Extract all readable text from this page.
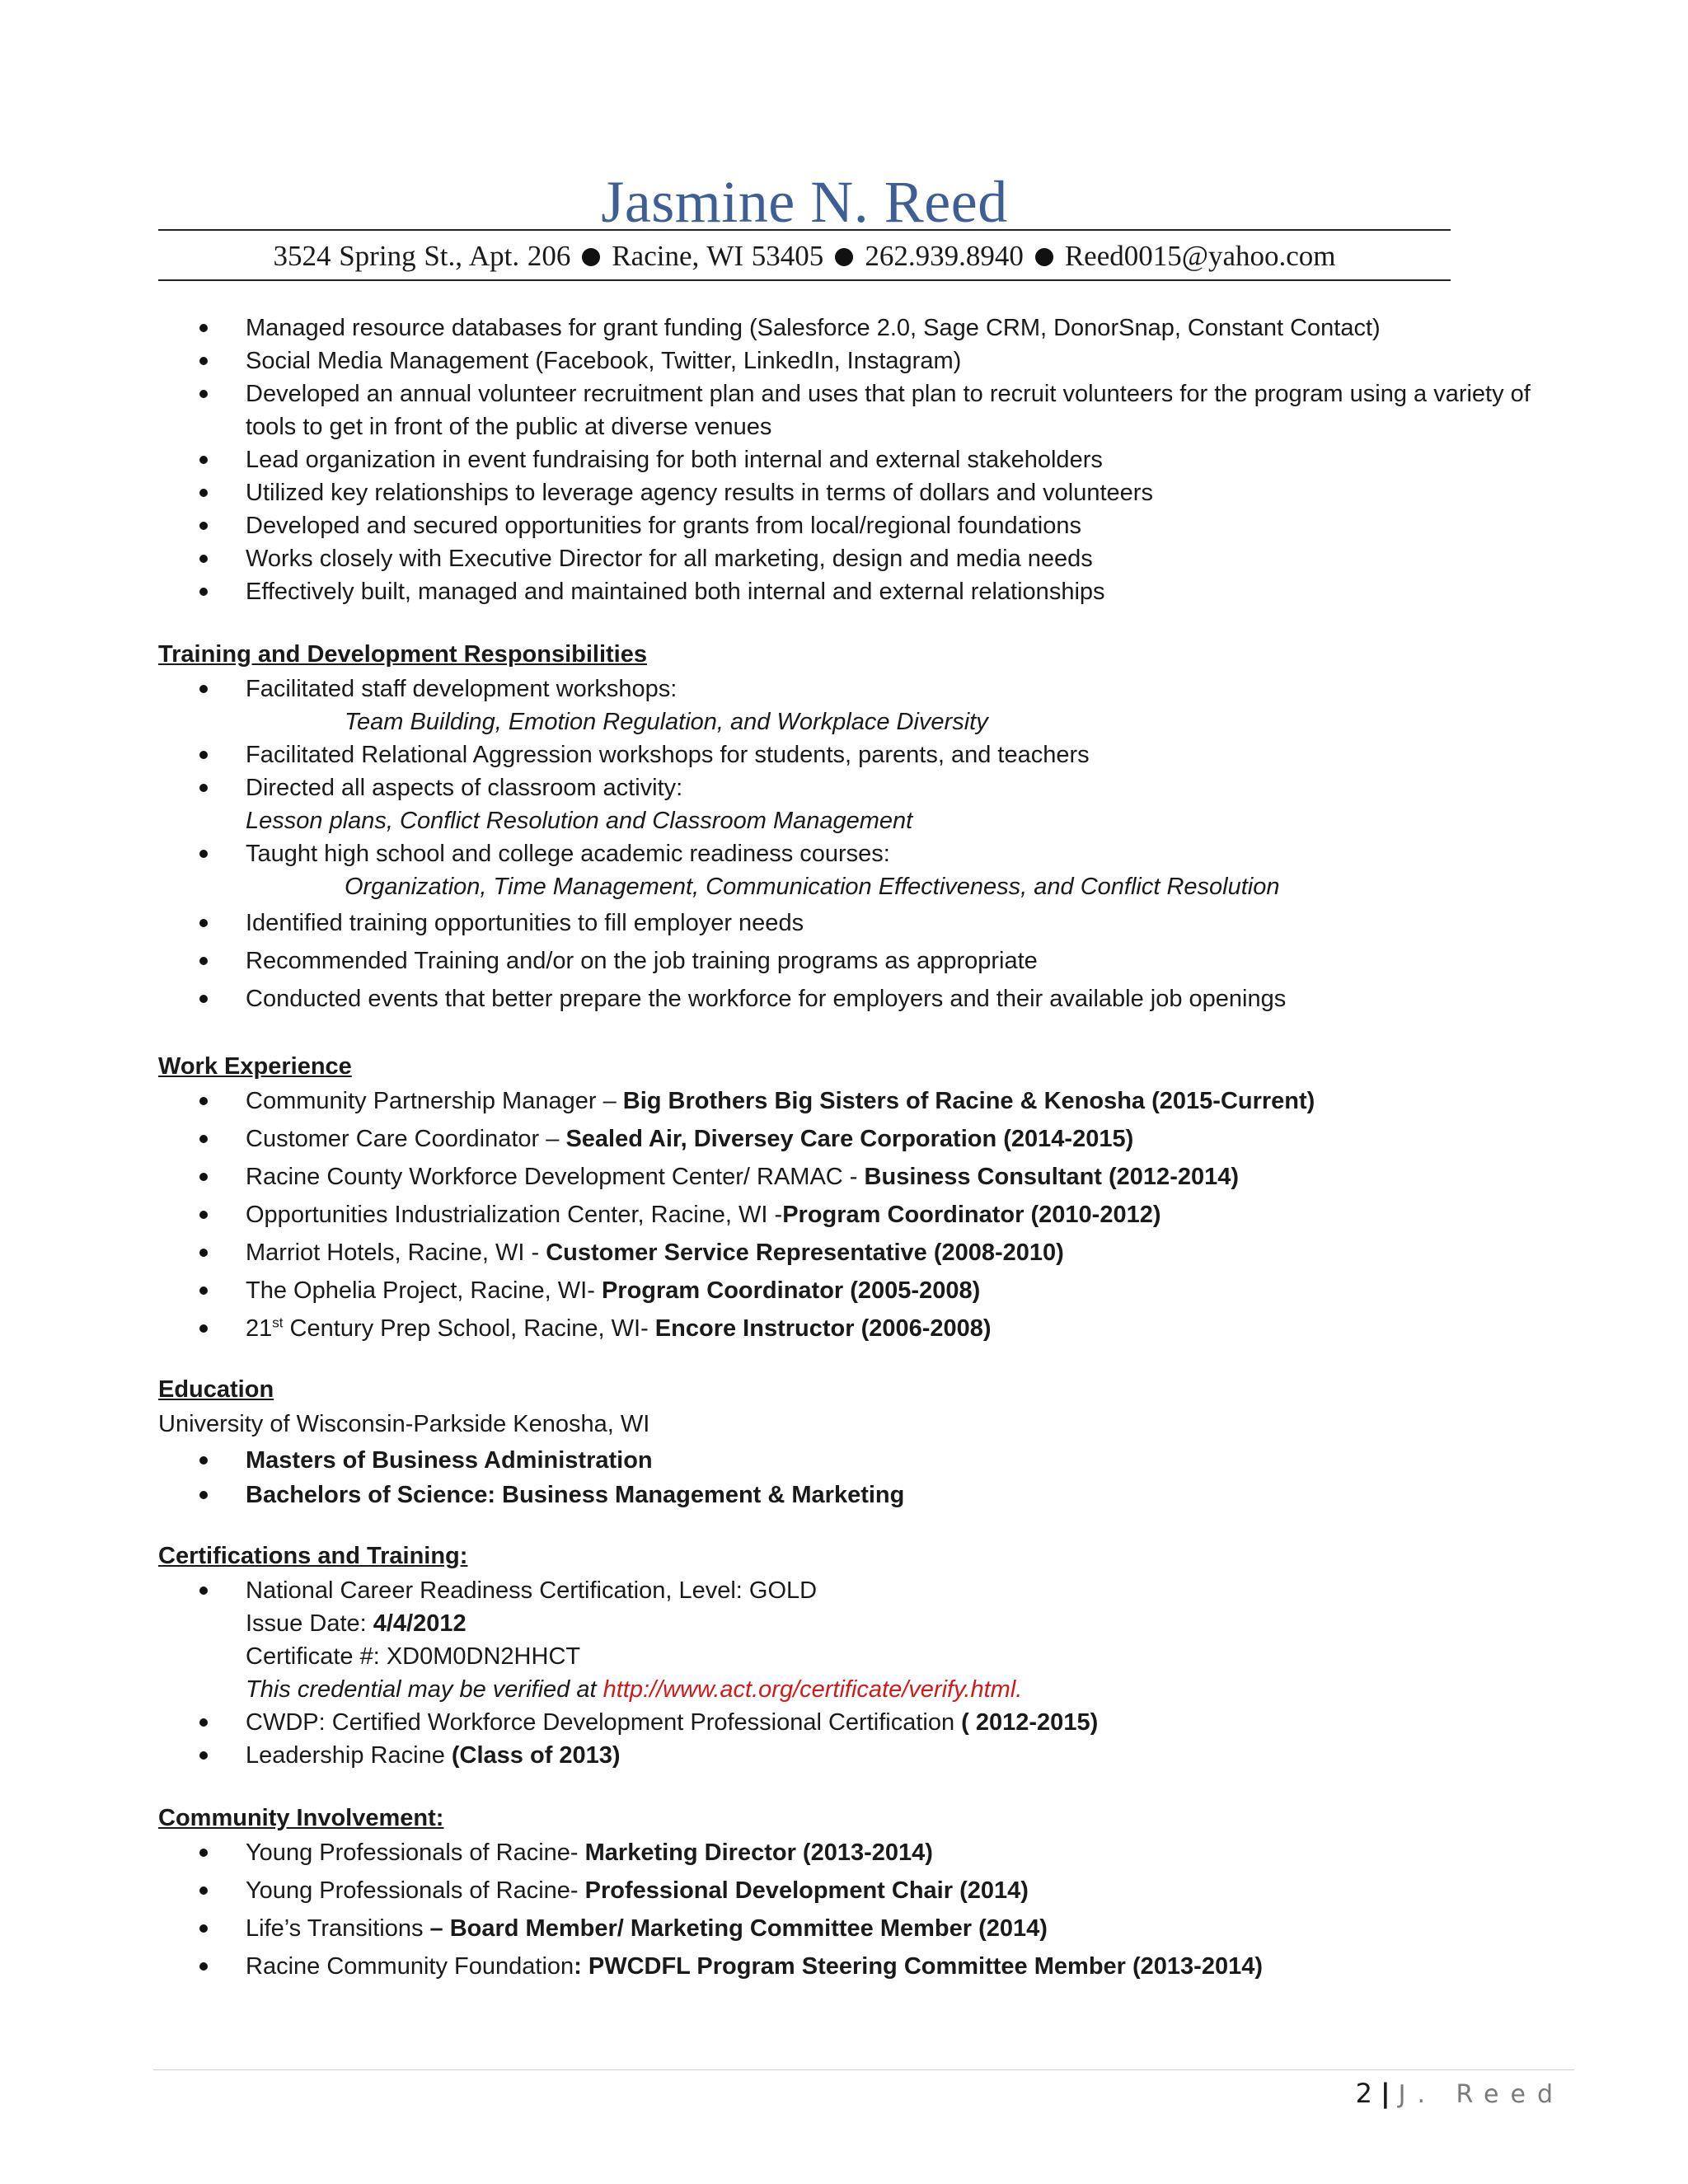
Jasmine N. Reed
3524 Spring St., Apt. 206 Racine, WI 53405 262.939.8940 Reed0015@yahoo.com
Managed resource databases for grant funding (Salesforce 2.0, Sage CRM, DonorSnap, Constant Contact)
Social Media Management (Facebook, Twitter, LinkedIn, Instagram)
Developed an annual volunteer recruitment plan and uses that plan to recruit volunteers for the program using a variety of tools to get in front of the public at diverse venues
Lead organization in event fundraising for both internal and external stakeholders
Utilized key relationships to leverage agency results in terms of dollars and volunteers
Developed and secured opportunities for grants from local/regional foundations
Works closely with Executive Director for all marketing, design and media needs
Effectively built, managed and maintained both internal and external relationships
Training and Development Responsibilities
Facilitated staff development workshops:
Team Building, Emotion Regulation, and Workplace Diversity
Facilitated Relational Aggression workshops for students, parents, and teachers
Directed all aspects of classroom activity:
Lesson plans, Conflict Resolution and Classroom Management
Taught high school and college academic readiness courses:
Organization, Time Management, Communication Effectiveness, and Conflict Resolution
Identified training opportunities to fill employer needs
Recommended Training and/or on the job training programs as appropriate
Conducted events that better prepare the workforce for employers and their available job openings
Work Experience
Community Partnership Manager – Big Brothers Big Sisters of Racine & Kenosha (2015-Current)
Customer Care Coordinator – Sealed Air, Diversey Care Corporation (2014-2015)
Racine County Workforce Development Center/ RAMAC - Business Consultant (2012-2014)
Opportunities Industrialization Center, Racine, WI -Program Coordinator (2010-2012)
Marriot Hotels, Racine, WI - Customer Service Representative (2008-2010)
The Ophelia Project, Racine, WI- Program Coordinator (2005-2008)
21st Century Prep School, Racine, WI- Encore Instructor (2006-2008)
Education
University of Wisconsin-Parkside Kenosha, WI
Masters of Business Administration
Bachelors of Science: Business Management & Marketing
Certifications and Training:
National Career Readiness Certification, Level: GOLD
Issue Date: 4/4/2012
Certificate #: XD0M0DN2HHCT
This credential may be verified at http://www.act.org/certificate/verify.html.
CWDP: Certified Workforce Development Professional Certification ( 2012-2015)
Leadership Racine (Class of 2013)
Community Involvement:
Young Professionals of Racine- Marketing Director (2013-2014)
Young Professionals of Racine- Professional Development Chair (2014)
Life’s Transitions – Board Member/ Marketing Committee Member (2014)
Racine Community Foundation: PWCDFL Program Steering Committee Member (2013-2014)
2 | J. Reed
